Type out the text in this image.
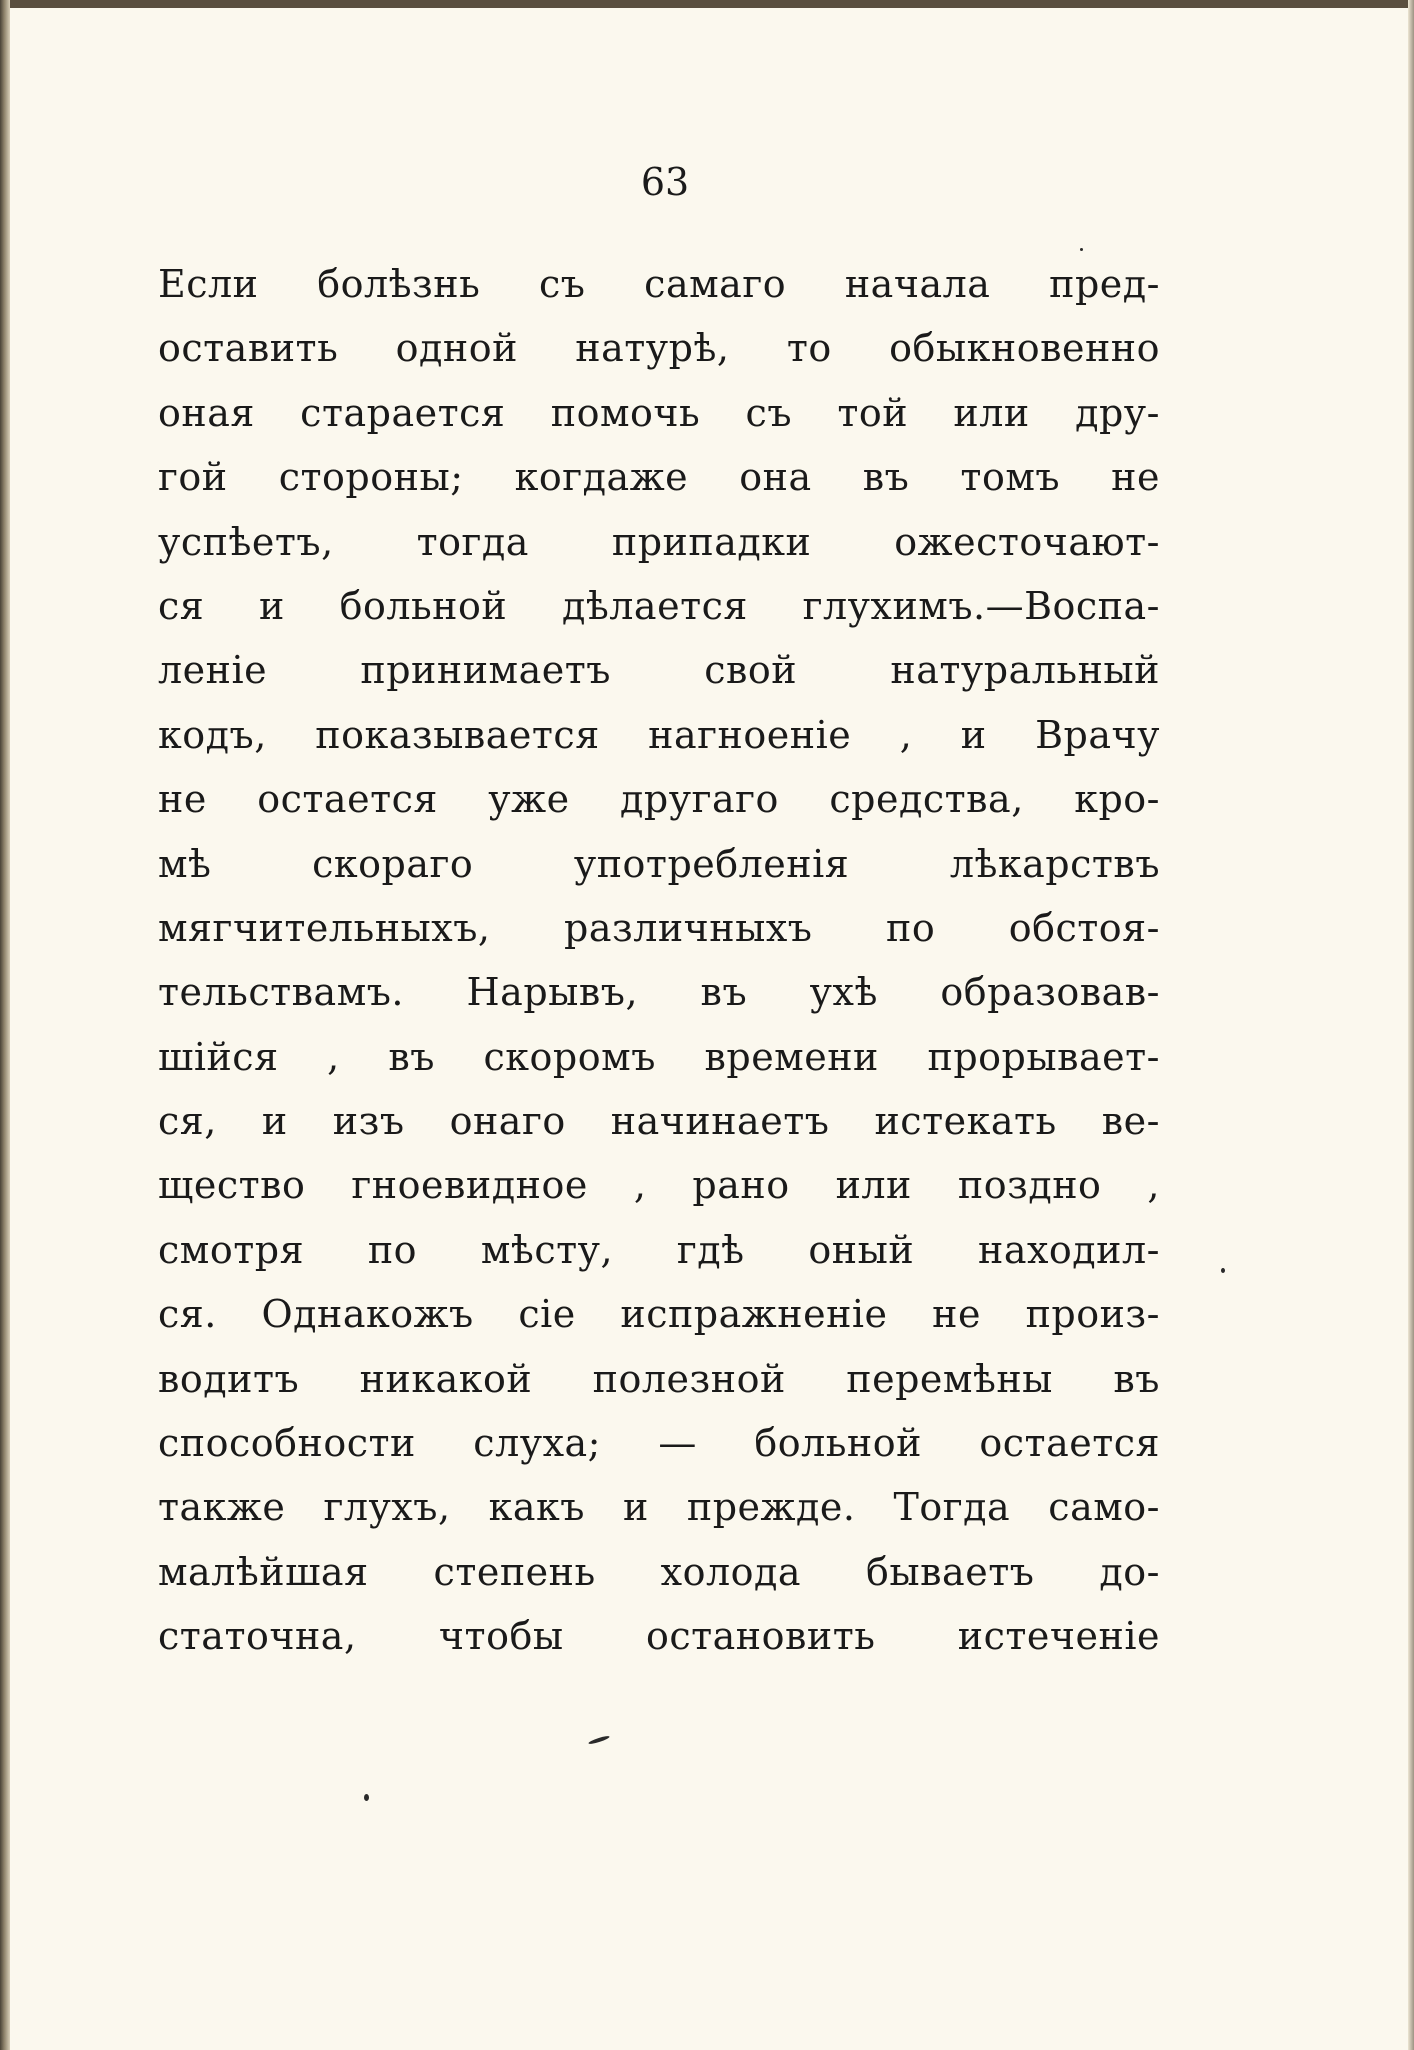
63
Если болѣзнь съ самаго начала пред-
оставить одной натурѣ, то обыкновенно
оная старается помочь съ той или дру-
гой стороны; когдаже она въ томъ не
успѣетъ, тогда припадки ожесточают-
ся и больной дѣлается глухимъ.—Воспа-
леніе принимаетъ свой натуральный
кодъ, показывается нагноеніе , и Врачу
не остается уже другаго средства, кро-
мѣ скораго употребленія лѣкарствъ
мягчительныхъ, различныхъ по обстоя-
тельствамъ. Нарывъ, въ ухѣ образовав-
шійся , въ скоромъ времени прорывает-
ся, и изъ онаго начинаетъ истекать ве-
щество гноевидное , рано или поздно ,
смотря по мѣсту, гдѣ оный находил-
ся. Однакожъ сіе испражненіе не произ-
водитъ никакой полезной перемѣны въ
способности слуха; — больной остается
также глухъ, какъ и прежде. Тогда само-
малѣйшая степень холода бываетъ до-
статочна, чтобы остановить истеченіе
